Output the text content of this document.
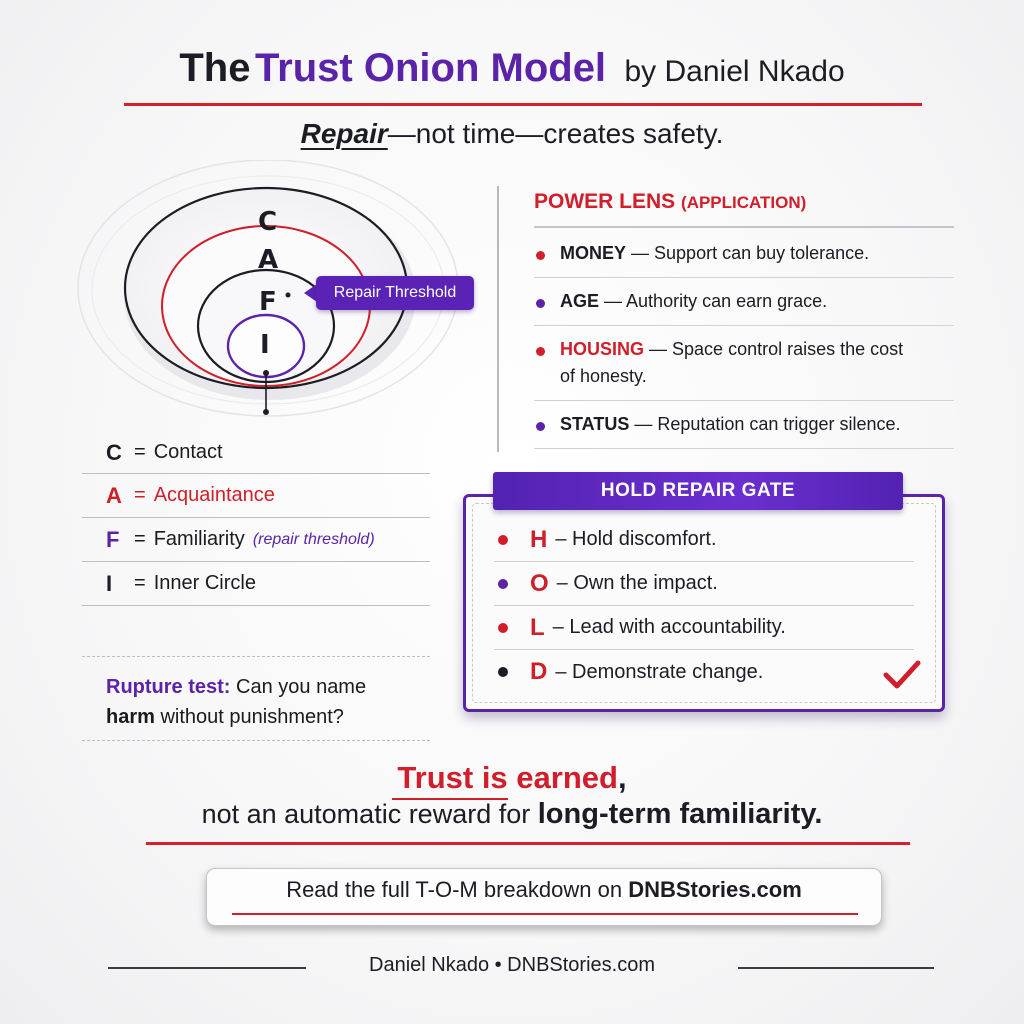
The Trust Onion Model by Daniel Nkado
Repair—not time—creates safety.
C
A
F
I
Repair Threshold
C = Contact
A = Acquaintance
F = Familiarity (repair threshold)
I	= Inner Circle
Rupture test: Can you name
harm without punishment?
POWER LENS (APPLICATION)
MONEY — Support can buy tolerance.
AGE — Authority can earn grace.
HOUSING — Space control raises the cost of honesty.
STATUS — Reputation can trigger silence.
HOLD REPAIR GATE
H – Hold discomfort.
O – Own the impact.
L – Lead with accountability.
D – Demonstrate change.
Trust is earned,
not an automatic reward for long-term familiarity.
Read the full T-O-M breakdown on DNBStories.com
Daniel Nkado • DNBStories.com
